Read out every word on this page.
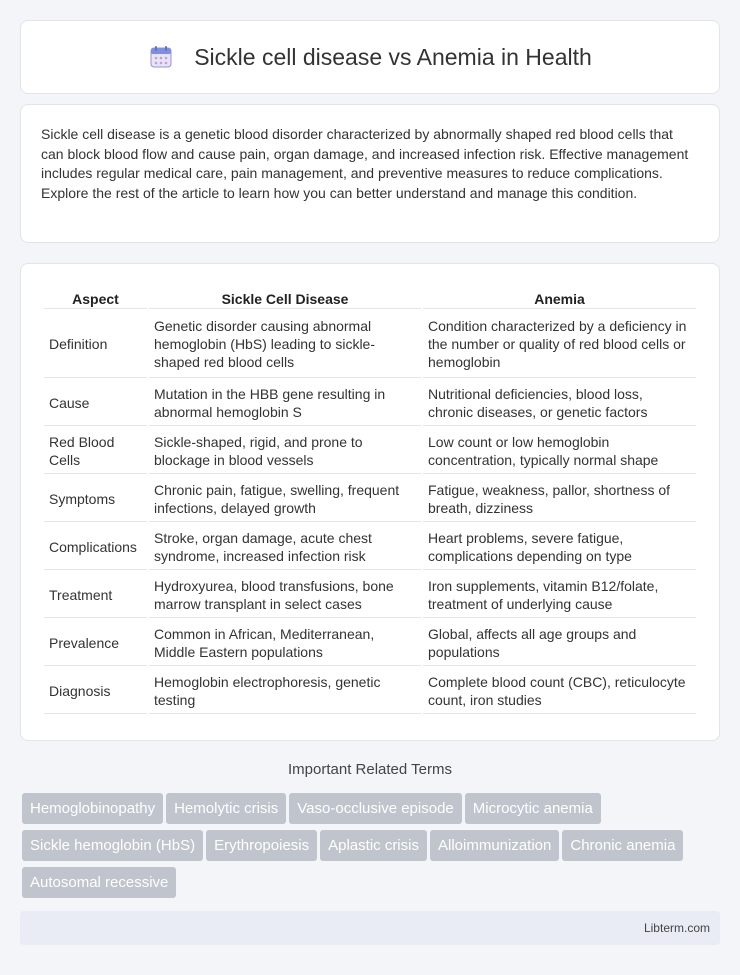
Sickle cell disease vs Anemia in Health

Sickle cell disease is a genetic blood disorder characterized by abnormally shaped red blood cells that can block blood flow and cause pain, organ damage, and increased infection risk. Effective management includes regular medical care, pain management, and preventive measures to reduce complications. Explore the rest of the article to learn how you can better understand and manage this condition.

Aspect	Sickle Cell Disease	Anemia
Definition	Genetic disorder causing abnormal hemoglobin (HbS) leading to sickle-shaped red blood cells	Condition characterized by a deficiency in the number or quality of red blood cells or hemoglobin
Cause	Mutation in the HBB gene resulting in abnormal hemoglobin S	Nutritional deficiencies, blood loss, chronic diseases, or genetic factors
Red Blood Cells	Sickle-shaped, rigid, and prone to blockage in blood vessels	Low count or low hemoglobin concentration, typically normal shape
Symptoms	Chronic pain, fatigue, swelling, frequent infections, delayed growth	Fatigue, weakness, pallor, shortness of breath, dizziness
Complications	Stroke, organ damage, acute chest syndrome, increased infection risk	Heart problems, severe fatigue, complications depending on type
Treatment	Hydroxyurea, blood transfusions, bone marrow transplant in select cases	Iron supplements, vitamin B12/folate, treatment of underlying cause
Prevalence	Common in African, Mediterranean, Middle Eastern populations	Global, affects all age groups and populations
Diagnosis	Hemoglobin electrophoresis, genetic testing	Complete blood count (CBC), reticulocyte count, iron studies
Important Related Terms
Hemoglobinopathy Hemolytic crisis Vaso-occlusive episode Microcytic anemiaSickle hemoglobin (HbS) Erythropoiesis Aplastic crisis Alloimmunization Chronic anemiaAutosomal recessive
Libterm.com
